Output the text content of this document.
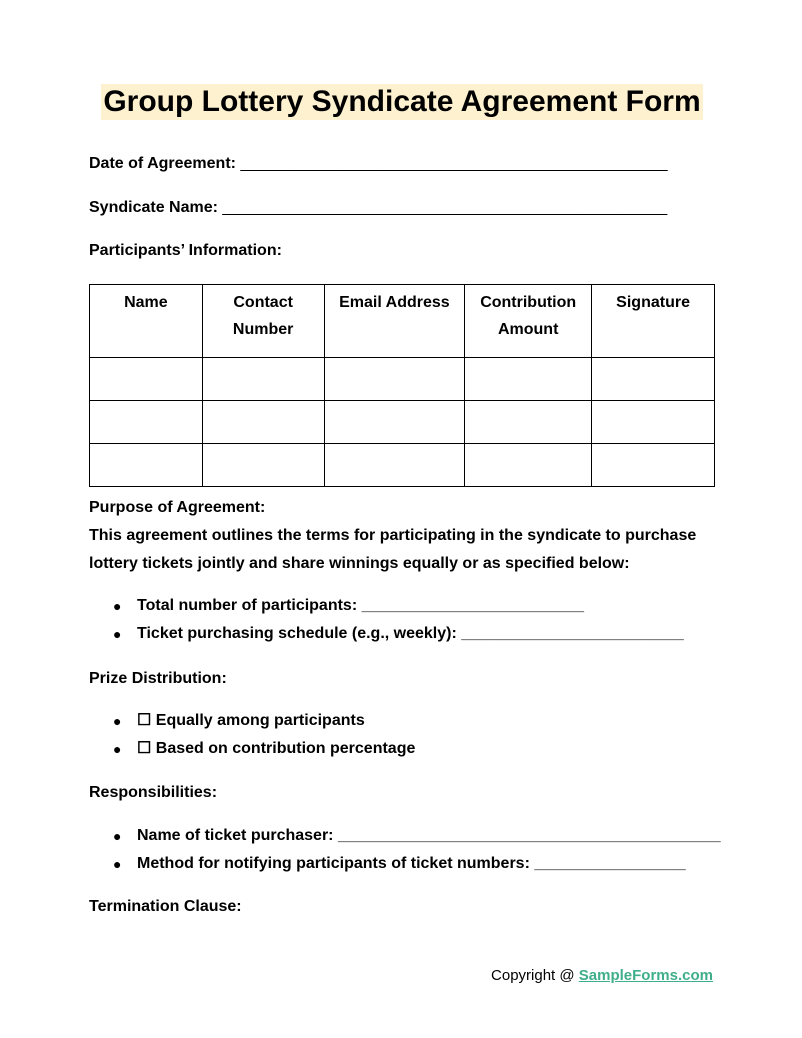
Group Lottery Syndicate Agreement Form
Date of Agreement: ________________________________________________
Syndicate Name: __________________________________________________
Participants’ Information:
Name	Contact Number	Email Address	Contribution Amount	Signature

Purpose of Agreement:
This agreement outlines the terms for participating in the syndicate to purchase lottery tickets jointly and share winnings equally or as specified below:
● Total number of participants: _________________________
● Ticket purchasing schedule (e.g., weekly): _________________________
Prize Distribution:
● ☐ Equally among participants
● ☐ Based on contribution percentage
Responsibilities:
● Name of ticket purchaser: ___________________________________________
● Method for notifying participants of ticket numbers: _________________
Termination Clause:
Copyright @ SampleForms.com
